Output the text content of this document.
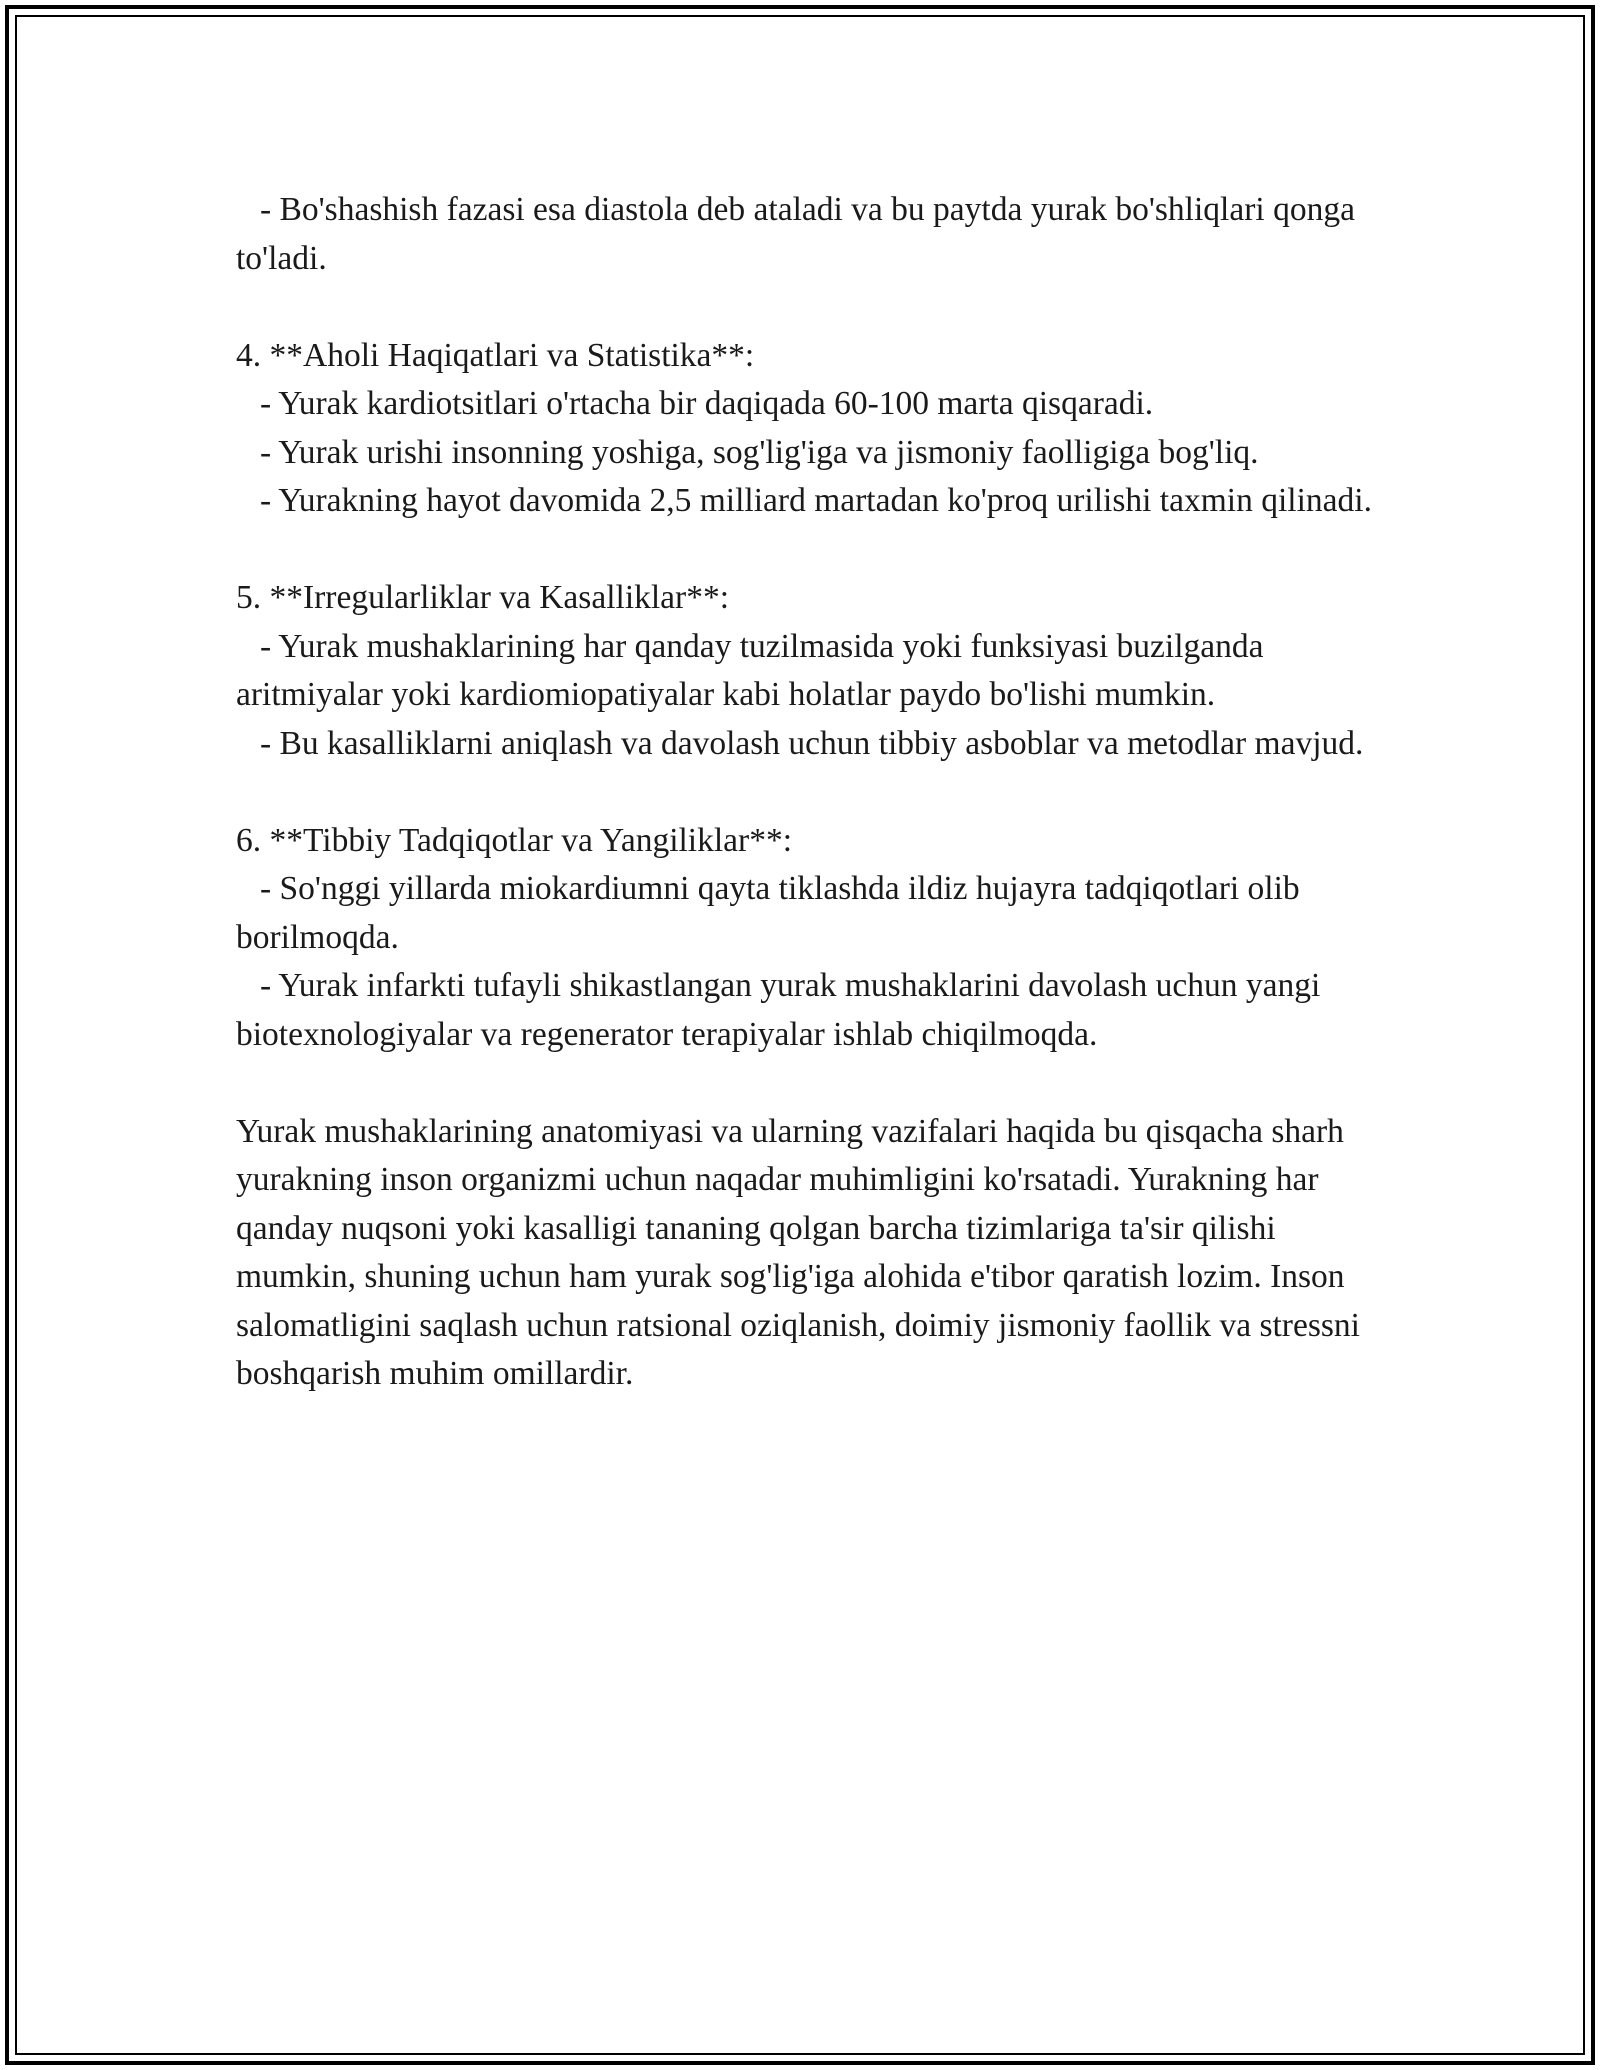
- Bo'shashish fazasi esa diastola deb ataladi va bu paytda yurak bo'shliqlari qonga to'ladi.

4. **Aholi Haqiqatlari va Statistika**:

- Yurak kardiotsitlari o'rtacha bir daqiqada 60-100 marta qisqaradi.

- Yurak urishi insonning yoshiga, sog'lig'iga va jismoniy faolligiga bog'liq.

- Yurakning hayot davomida 2,5 milliard martadan ko'proq urilishi taxmin qilinadi.

5. **Irregularliklar va Kasalliklar**:

- Yurak mushaklarining har qanday tuzilmasida yoki funksiyasi buzilganda aritmiyalar yoki kardiomiopatiyalar kabi holatlar paydo bo'lishi mumkin.

- Bu kasalliklarni aniqlash va davolash uchun tibbiy asboblar va metodlar mavjud.

6. **Tibbiy Tadqiqotlar va Yangiliklar**:

- So'nggi yillarda miokardiumni qayta tiklashda ildiz hujayra tadqiqotlari olib borilmoqda.

- Yurak infarkti tufayli shikastlangan yurak mushaklarini davolash uchun yangi biotexnologiyalar va regenerator terapiyalar ishlab chiqilmoqda.

Yurak mushaklarining anatomiyasi va ularning vazifalari haqida bu qisqacha sharh yurakning inson organizmi uchun naqadar muhimligini ko'rsatadi. Yurakning har qanday nuqsoni yoki kasalligi tananing qolgan barcha tizimlariga ta'sir qilishi mumkin, shuning uchun ham yurak sog'lig'iga alohida e'tibor qaratish lozim. Inson salomatligini saqlash uchun ratsional oziqlanish, doimiy jismoniy faollik va stressni boshqarish muhim omillardir.
